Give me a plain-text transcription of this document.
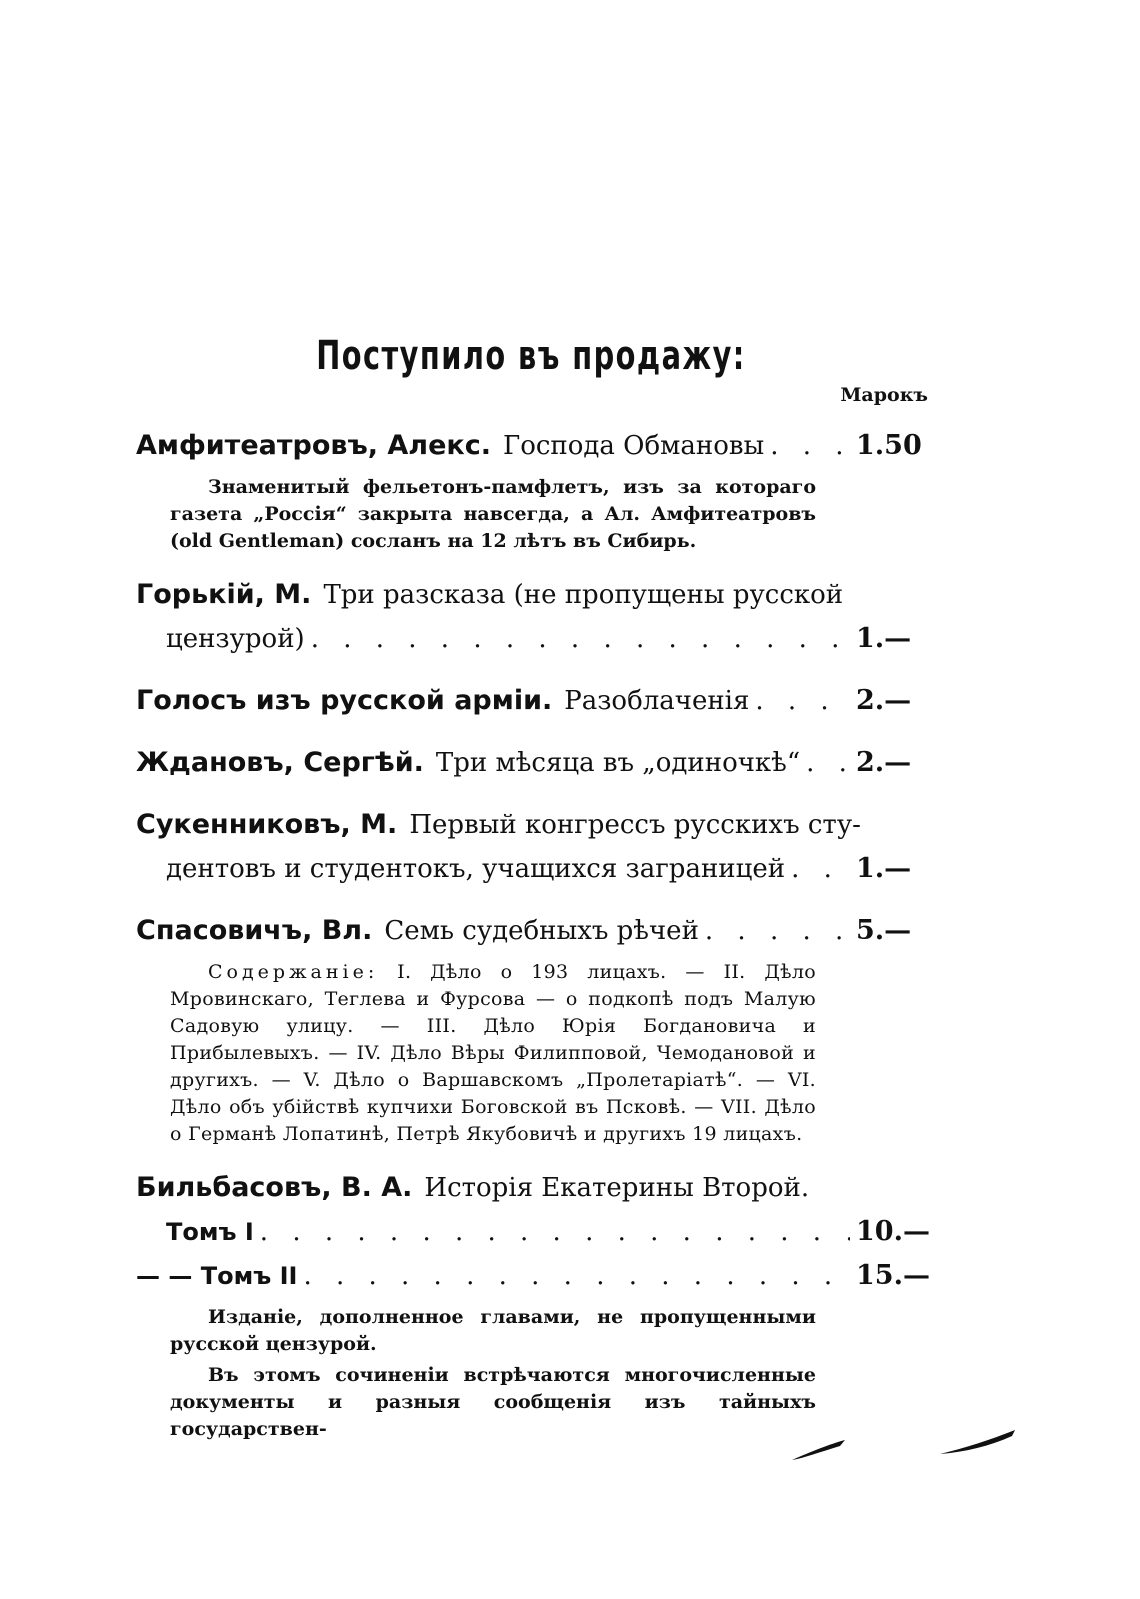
Поступило въ продажу:
Марокъ
Амфитеатровъ, Алекс. Господа Обмановы . . .	1.50
Знаменитый фельетонъ-памфлетъ, изъ за котораго газета „Россія“ закрыта навсегда, а Ал. Амфитеатровъ (old Gentleman) сосланъ на 12 лѣтъ въ Сибирь.
Горькій, М. Три разсказа (не пропущены русской
цензурой) . . .	1.—
Голосъ изъ русской арміи. Разоблаченія . . .	2.—
Ждановъ, Сергѣй. Три мѣсяца въ „одиночкѣ“ . . . 2.—
Сукенниковъ, М. Первый конгрессъ русскихъ сту-
дентовъ и студентокъ, учащихся заграницей . . .	1.—
Спасовичъ, Вл. Семь судебныхъ рѣчей . . .	5.—
Содержаніе: I. Дѣло о 193 лицахъ. — II. Дѣло Мровинскаго, Теглева и Фурсова — о подкопѣ подъ Малую Садовую улицу. — III. Дѣло Юрія Богдановича и Прибылевыхъ. — IV. Дѣло Вѣры Филипповой, Чемодановой и другихъ. — V. Дѣло о Варшавскомъ „Пролетаріатѣ“. — VI. Дѣло объ убійствѣ купчихи Боговской въ Псковѣ. — VII. Дѣло о Германѣ Лопатинѣ, Петрѣ Якубовичѣ и другихъ 19 лицахъ.
Бильбасовъ, В. А. Исторія Екатерины Второй.
Томъ I . . .	10.—
— — Томъ II . . .	15.—
Изданіе, дополненное главами, не пропущенными русской цензурой.
Въ этомъ сочиненіи встрѣчаются многочисленные документы и разныя сообщенія изъ тайныхъ государствен-
